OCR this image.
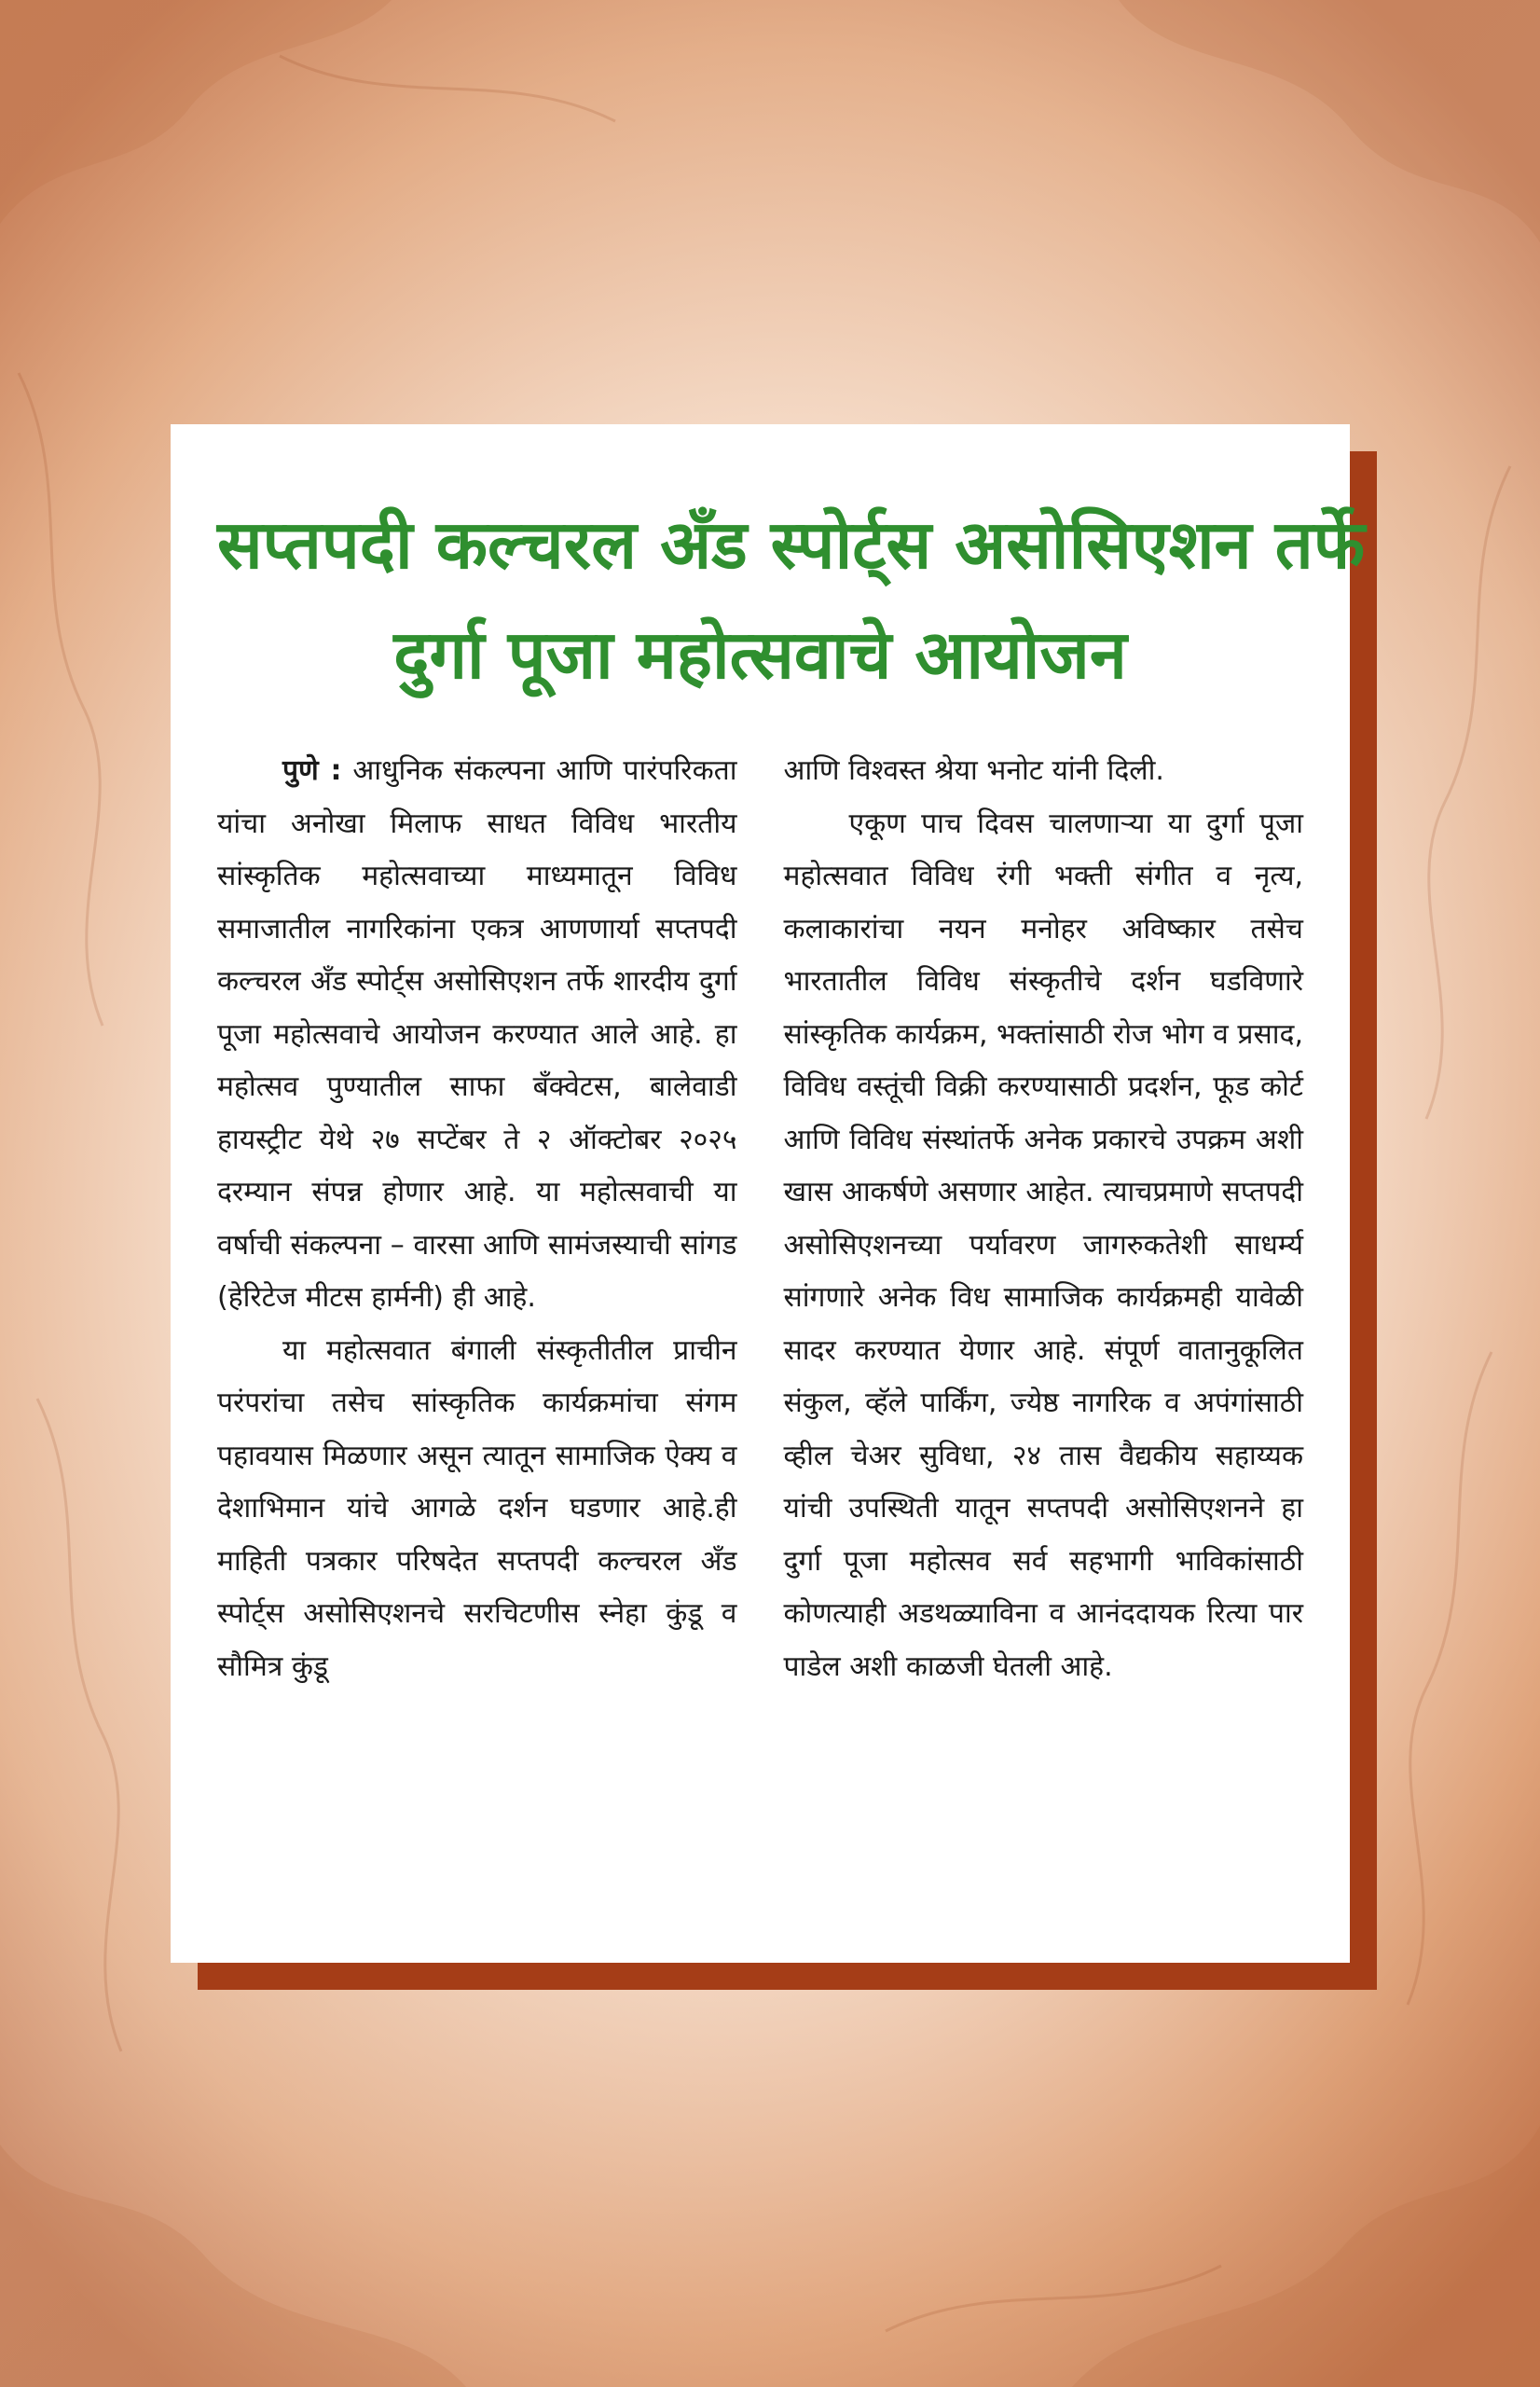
सप्तपदी कल्चरल अँड स्पोर्ट्स असोसिएशन तर्फे
दुर्गा पूजा महोत्सवाचे आयोजन

पुणे : आधुनिक संकल्पना आणि पारंपरिकता यांचा अनोखा मिलाफ साधत विविध भारतीय सांस्कृतिक महोत्सवाच्या माध्यमातून विविध समाजातील नागरिकांना एकत्र आणणार्या सप्तपदी कल्चरल अँड स्पोर्ट्स असोसिएशन तर्फे शारदीय दुर्गा पूजा महोत्सवाचे आयोजन करण्यात आले आहे. हा महोत्सव पुण्यातील साफा बँक्वेटस, बालेवाडी हायस्ट्रीट येथे २७ सप्टेंबर ते २ ऑक्टोबर २०२५ दरम्यान संपन्न होणार आहे. या महोत्सवाची या वर्षाची संकल्पना – वारसा आणि सामंजस्याची सांगड (हेरिटेज मीटस हार्मनी) ही आहे.

या महोत्सवात बंगाली संस्कृतीतील प्राचीन परंपरांचा तसेच सांस्कृतिक कार्यक्रमांचा संगम पहावयास मिळणार असून त्यातून सामाजिक ऐक्य व देशाभिमान यांचे आगळे दर्शन घडणार आहे.ही माहिती पत्रकार परिषदेत सप्तपदी कल्चरल अँड स्पोर्ट्स असोसिएशनचे सरचिटणीस स्नेहा कुंडू व सौमित्र कुंडू

आणि विश्वस्त श्रेया भनोट यांनी दिली.

एकूण पाच दिवस चालणाऱ्या या दुर्गा पूजा महोत्सवात विविध रंगी भक्ती संगीत व नृत्य, कलाकारांचा नयन मनोहर अविष्कार तसेच भारतातील विविध संस्कृतीचे दर्शन घडविणारे सांस्कृतिक कार्यक्रम, भक्तांसाठी रोज भोग व प्रसाद, विविध वस्तूंची विक्री करण्यासाठी प्रदर्शन, फूड कोर्ट आणि विविध संस्थांतर्फे अनेक प्रकारचे उपक्रम अशी खास आकर्षणे असणार आहेत. त्याचप्रमाणे सप्तपदी असोसिएशनच्या पर्यावरण जागरुकतेशी साधर्म्य सांगणारे अनेक विध सामाजिक कार्यक्रमही यावेळी सादर करण्यात येणार आहे. संपूर्ण वातानुकूलित संकुल, व्हॅले पार्किंग, ज्येष्ठ नागरिक व अपंगांसाठी व्हील चेअर सुविधा, २४ तास वैद्यकीय सहाय्यक यांची उपस्थिती यातून सप्तपदी असोसिएशनने हा दुर्गा पूजा महोत्सव सर्व सहभागी भाविकांसाठी कोणत्याही अडथळ्याविना व आनंददायक रित्या पार पाडेल अशी काळजी घेतली आहे.
